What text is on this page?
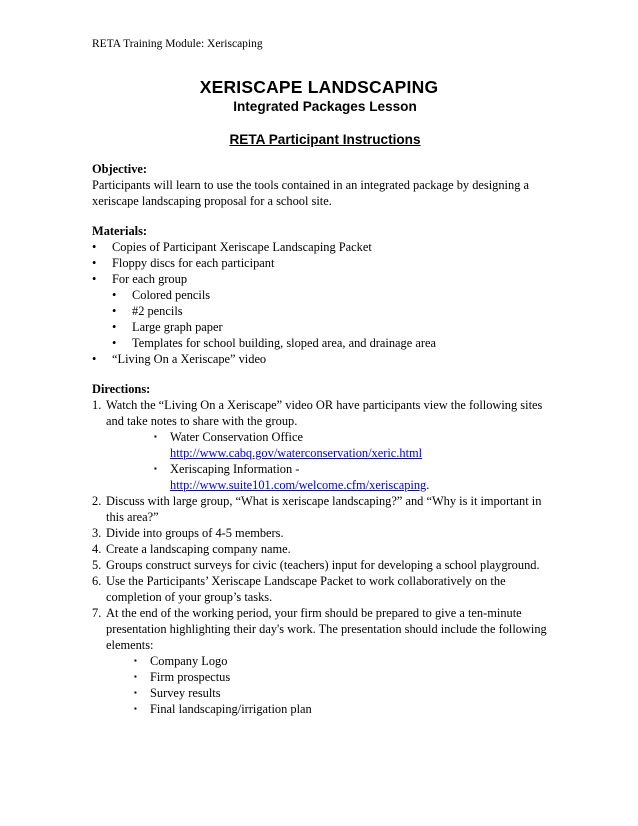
RETA Training Module: Xeriscaping
XERISCAPE LANDSCAPING
Integrated Packages Lesson
RETA Participant Instructions
Objective:

Participants will learn to use the tools contained in an integrated package by designing a xeriscape landscaping proposal for a school site.

Materials:
• Copies of Participant Xeriscape Landscaping Packet
• Floppy discs for each participant
• For each group
• Colored pencils
• #2 pencils
• Large graph paper
• Templates for school building, sloped area, and drainage area
• “Living On a Xeriscape” video
Directions:
1. Watch the “Living On a Xeriscape” video OR have participants view the following sites and take notes to share with the group.
▪ Water Conservation Office
http://www.cabq.gov/waterconservation/xeric.html
▪ Xeriscaping Information -
http://www.suite101.com/welcome.cfm/xeriscaping.
2. Discuss with large group, “What is xeriscape landscaping?” and “Why is it important in this area?”
3. Divide into groups of 4-5 members.
4. Create a landscaping company name.
5. Groups construct surveys for civic (teachers) input for developing a school playground.
6. Use the Participants’ Xeriscape Landscape Packet to work collaboratively on the completion of your group’s tasks.
7. At the end of the working period, your firm should be prepared to give a ten-minute presentation highlighting their day's work. The presentation should include the following elements:
▪ Company Logo
▪ Firm prospectus
▪ Survey results
▪ Final landscaping/irrigation plan
